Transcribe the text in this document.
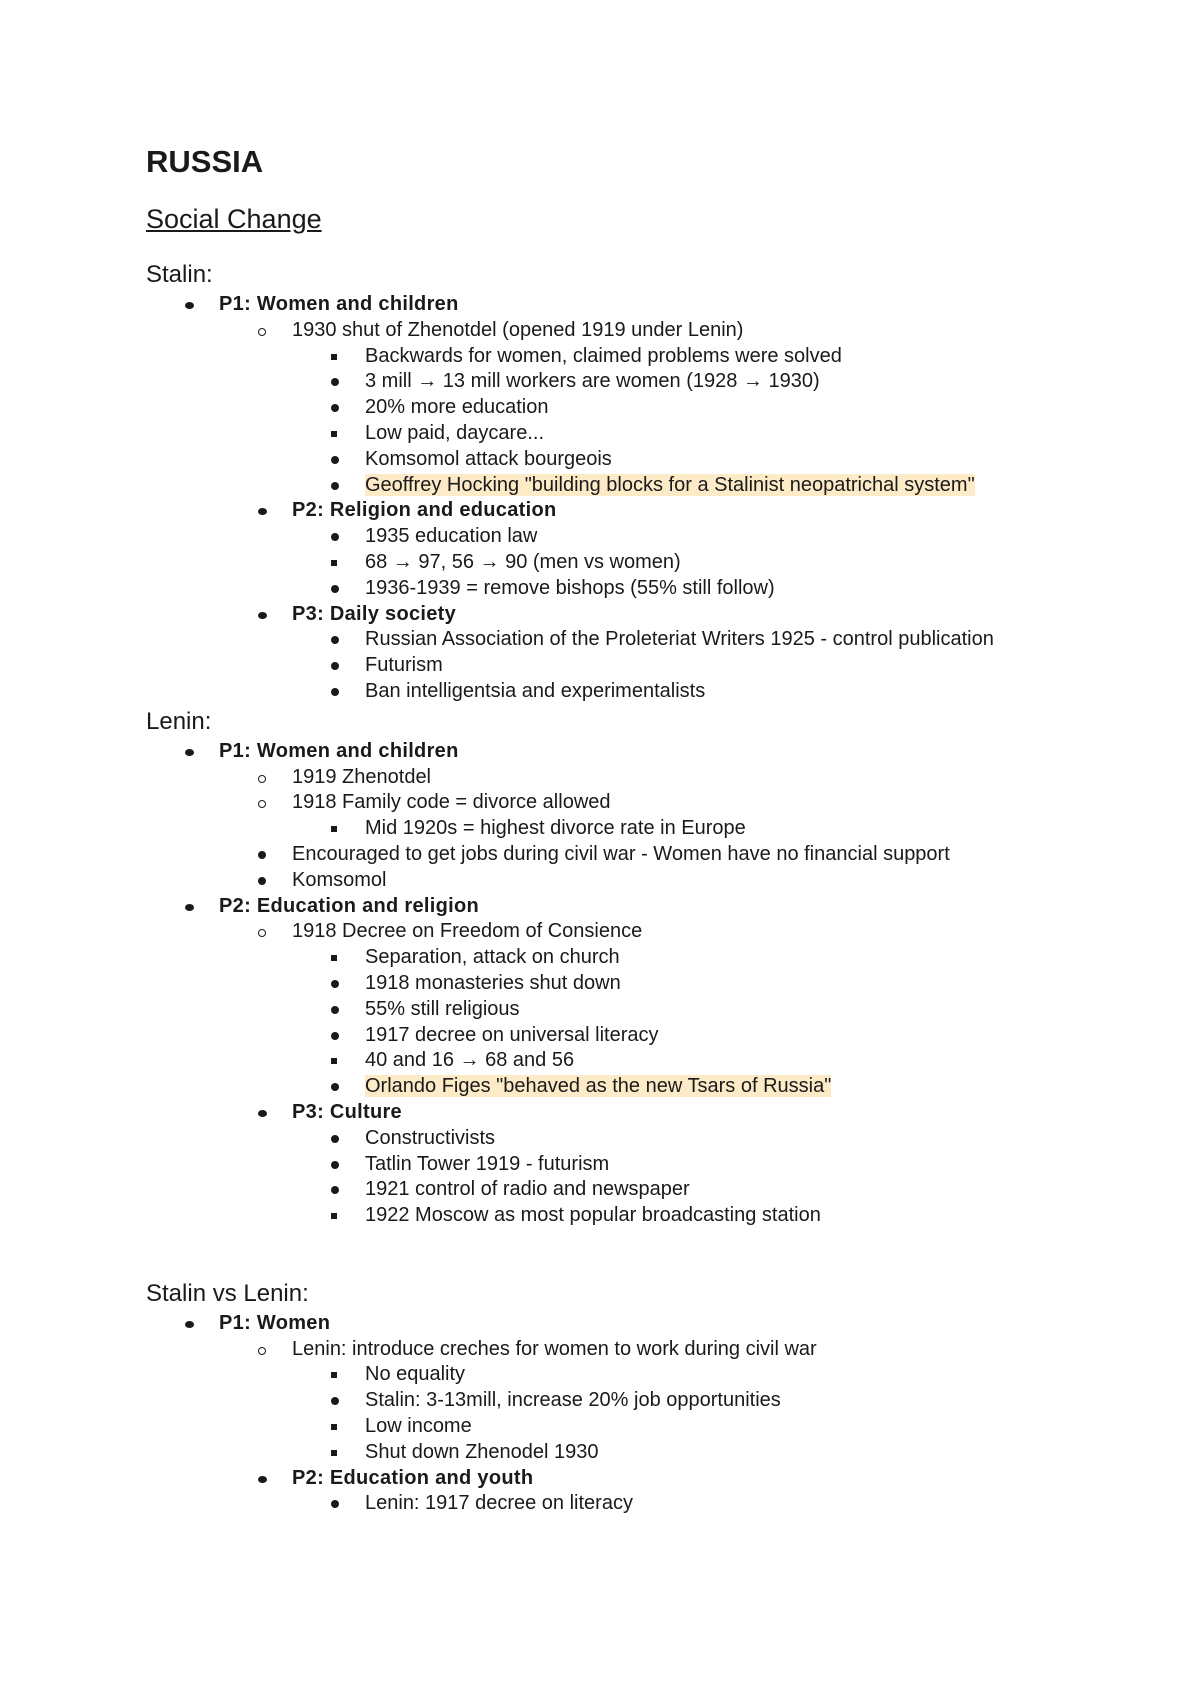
RUSSIA
Social Change
Stalin:
P1: Women and children
1930 shut of Zhenotdel (opened 1919 under Lenin)
Backwards for women, claimed problems were solved
3 mill → 13 mill workers are women (1928 → 1930)
20% more education
Low paid, daycare...
Komsomol attack bourgeois
Geoffrey Hocking "building blocks for a Stalinist neopatrichal system"
P2: Religion and education
1935 education law
68 → 97, 56 → 90 (men vs women)
1936-1939 = remove bishops (55% still follow)
P3: Daily society
Russian Association of the Proleteriat Writers 1925 - control publication
Futurism
Ban intelligentsia and experimentalists
Lenin:
P1: Women and children
1919 Zhenotdel
1918 Family code = divorce allowed
Mid 1920s = highest divorce rate in Europe
Encouraged to get jobs during civil war - Women have no financial support
Komsomol
P2: Education and religion
1918 Decree on Freedom of Consience
Separation, attack on church
1918 monasteries shut down
55% still religious
1917 decree on universal literacy
40 and 16 → 68 and 56
Orlando Figes "behaved as the new Tsars of Russia"
P3: Culture
Constructivists
Tatlin Tower 1919 - futurism
1921 control of radio and newspaper
1922 Moscow as most popular broadcasting station
Stalin vs Lenin:
P1: Women
Lenin: introduce creches for women to work during civil war
No equality
Stalin: 3-13mill, increase 20% job opportunities
Low income
Shut down Zhenodel 1930
P2: Education and youth
Lenin: 1917 decree on literacy
